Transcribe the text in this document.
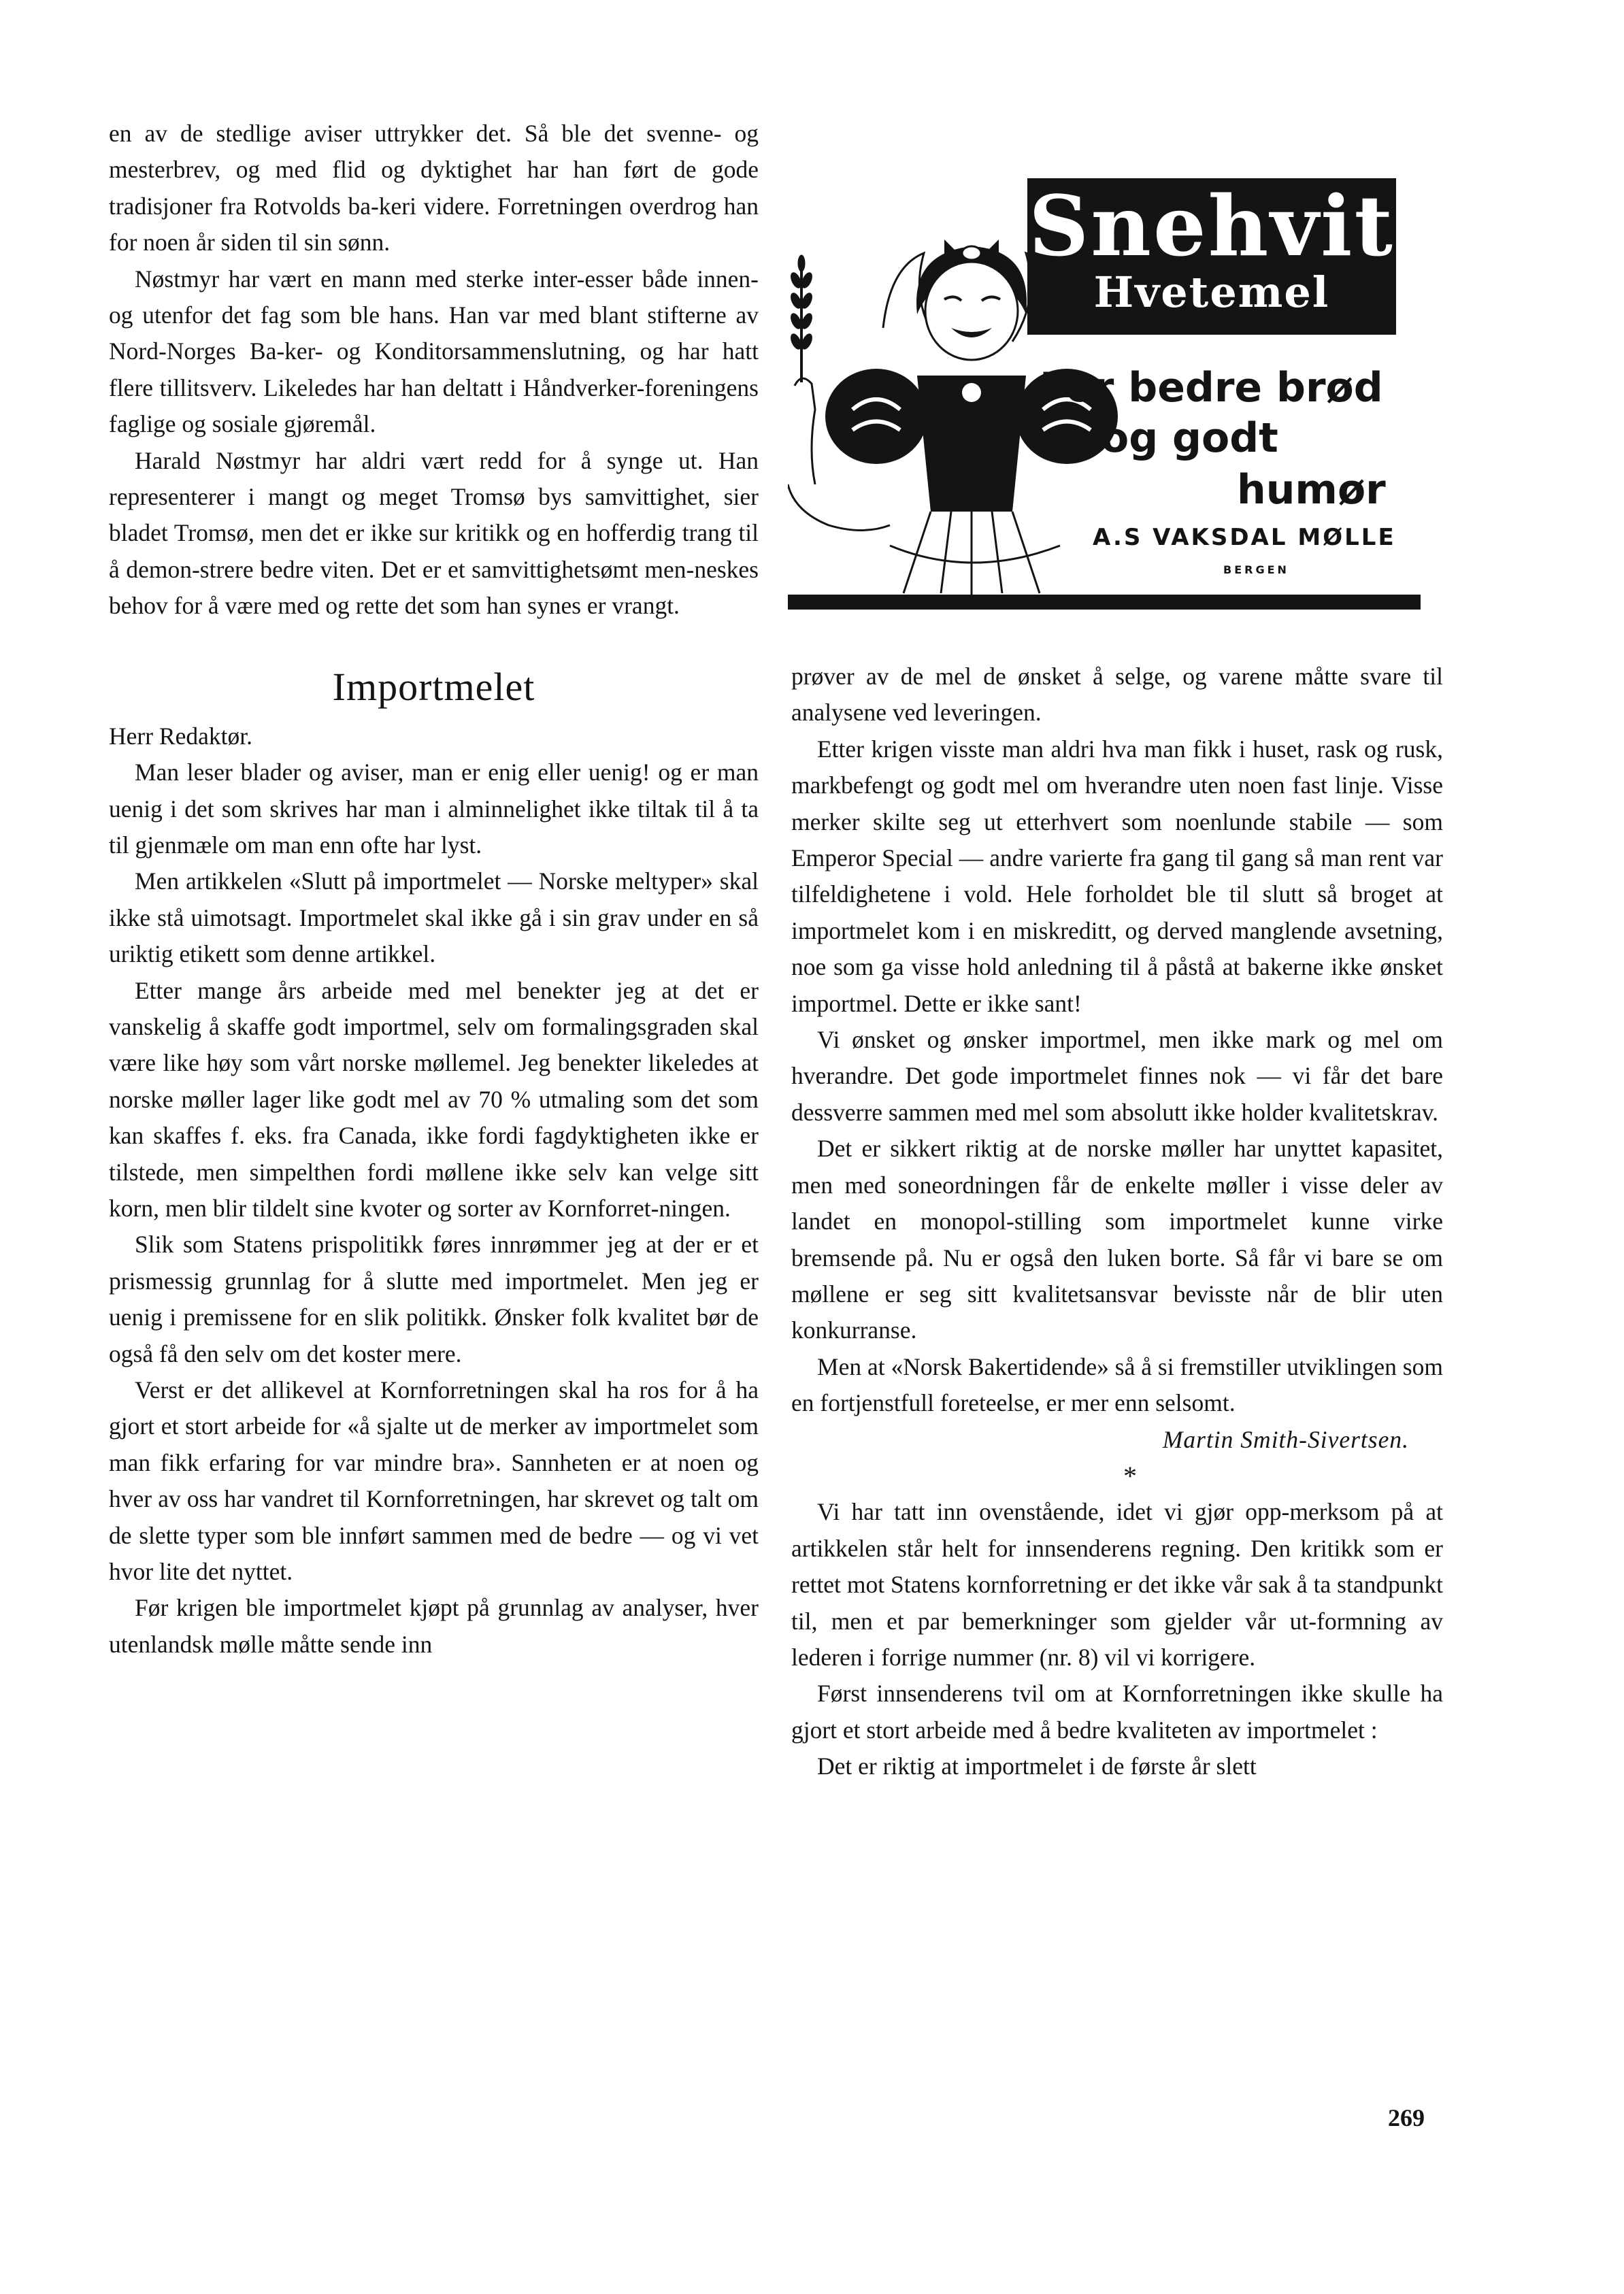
en av de stedlige aviser uttrykker det. Så ble det svenne- og mesterbrev, og med flid og dyktighet har han ført de gode tradisjoner fra Rotvolds ba-keri videre. Forretningen overdrog han for noen år siden til sin sønn.

Nøstmyr har vært en mann med sterke inter-esser både innen- og utenfor det fag som ble hans. Han var med blant stifterne av Nord-Norges Ba-ker- og Konditorsammenslutning, og har hatt flere tillitsverv. Likeledes har han deltatt i Håndverker-foreningens faglige og sosiale gjøremål.

Harald Nøstmyr har aldri vært redd for å synge ut. Han representerer i mangt og meget Tromsø bys samvittighet, sier bladet Tromsø, men det er ikke sur kritikk og en hofferdig trang til å demon-strere bedre viten. Det er et samvittighetsømt men-neskes behov for å være med og rette det som han synes er vrangt.

Importmelet

Herr Redaktør.

Man leser blader og aviser, man er enig eller uenig! og er man uenig i det som skrives har man i alminnelighet ikke tiltak til å ta til gjenmæle om man enn ofte har lyst.

Men artikkelen «Slutt på importmelet — Norske meltyper» skal ikke stå uimotsagt. Importmelet skal ikke gå i sin grav under en så uriktig etikett som denne artikkel.

Etter mange års arbeide med mel benekter jeg at det er vanskelig å skaffe godt importmel, selv om formalingsgraden skal være like høy som vårt norske møllemel. Jeg benekter likeledes at norske møller lager like godt mel av 70 % utmaling som det som kan skaffes f. eks. fra Canada, ikke fordi fagdyktigheten ikke er tilstede, men simpelthen fordi møllene ikke selv kan velge sitt korn, men blir tildelt sine kvoter og sorter av Kornforret-ningen.

Slik som Statens prispolitikk føres innrømmer jeg at der er et prismessig grunnlag for å slutte med importmelet. Men jeg er uenig i premissene for en slik politikk. Ønsker folk kvalitet bør de også få den selv om det koster mere.

Verst er det allikevel at Kornforretningen skal ha ros for å ha gjort et stort arbeide for «å sjalte ut de merker av importmelet som man fikk erfaring for var mindre bra». Sannheten er at noen og hver av oss har vandret til Kornforretningen, har skrevet og talt om de slette typer som ble innført sammen med de bedre — og vi vet hvor lite det nyttet.

Før krigen ble importmelet kjøpt på grunnlag av analyser, hver utenlandsk mølle måtte sende inn

Snehvit
Hvetemel
For bedre brød
og godt
humør
A.S VAKSDAL MØLLE
BERGEN

prøver av de mel de ønsket å selge, og varene måtte svare til analysene ved leveringen.

Etter krigen visste man aldri hva man fikk i huset, rask og rusk, markbefengt og godt mel om hverandre uten noen fast linje. Visse merker skilte seg ut etterhvert som noenlunde stabile — som Emperor Special — andre varierte fra gang til gang så man rent var tilfeldighetene i vold. Hele forholdet ble til slutt så broget at importmelet kom i en miskreditt, og derved manglende avsetning, noe som ga visse hold anledning til å påstå at bakerne ikke ønsket importmel. Dette er ikke sant!

Vi ønsket og ønsker importmel, men ikke mark og mel om hverandre. Det gode importmelet finnes nok — vi får det bare dessverre sammen med mel som absolutt ikke holder kvalitetskrav.

Det er sikkert riktig at de norske møller har unyttet kapasitet, men med soneordningen får de enkelte møller i visse deler av landet en monopol-stilling som importmelet kunne virke bremsende på. Nu er også den luken borte. Så får vi bare se om møllene er seg sitt kvalitetsansvar bevisste når de blir uten konkurranse.

Men at «Norsk Bakertidende» så å si fremstiller utviklingen som en fortjenstfull foreteelse, er mer enn selsomt.

Martin Smith-Sivertsen.

*

Vi har tatt inn ovenstående, idet vi gjør opp-merksom på at artikkelen står helt for innsenderens regning. Den kritikk som er rettet mot Statens kornforretning er det ikke vår sak å ta standpunkt til, men et par bemerkninger som gjelder vår ut-formning av lederen i forrige nummer (nr. 8) vil vi korrigere.

Først innsenderens tvil om at Kornforretningen ikke skulle ha gjort et stort arbeide med å bedre kvaliteten av importmelet :

Det er riktig at importmelet i de første år slett

269
